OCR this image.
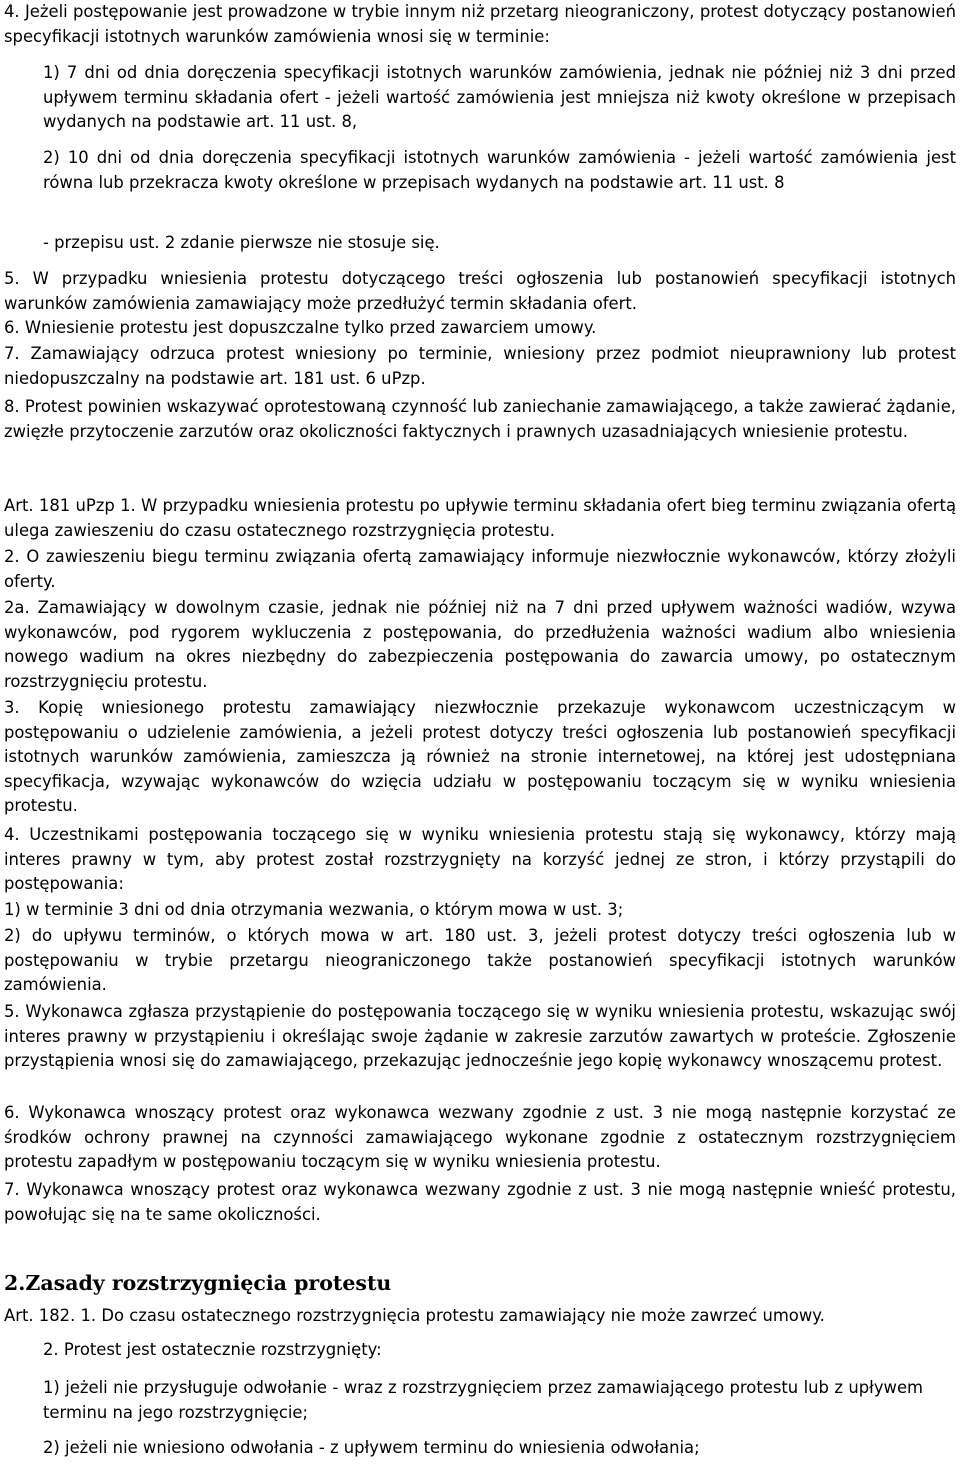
4. Jeżeli postępowanie jest prowadzone w trybie innym niż przetarg nieograniczony, protest dotyczący postanowień specyfikacji istotnych warunków zamówienia wnosi się w terminie:

1) 7 dni od dnia doręczenia specyfikacji istotnych warunków zamówienia, jednak nie później niż 3 dni przed upływem terminu składania ofert - jeżeli wartość zamówienia jest mniejsza niż kwoty określone w przepisach wydanych na podstawie art. 11 ust. 8,

2) 10 dni od dnia doręczenia specyfikacji istotnych warunków zamówienia - jeżeli wartość zamówienia jest równa lub przekracza kwoty określone w przepisach wydanych na podstawie art. 11 ust. 8

- przepisu ust. 2 zdanie pierwsze nie stosuje się.

5. W przypadku wniesienia protestu dotyczącego treści ogłoszenia lub postanowień specyfikacji istotnych warunków zamówienia zamawiający może przedłużyć termin składania ofert.

6. Wniesienie protestu jest dopuszczalne tylko przed zawarciem umowy.

7. Zamawiający odrzuca protest wniesiony po terminie, wniesiony przez podmiot nieuprawniony lub protest niedopuszczalny na podstawie art. 181 ust. 6 uPzp.

8. Protest powinien wskazywać oprotestowaną czynność lub zaniechanie zamawiającego, a także zawierać żądanie, zwięzłe przytoczenie zarzutów oraz okoliczności faktycznych i prawnych uzasadniających wniesienie protestu.

Art. 181 uPzp 1. W przypadku wniesienia protestu po upływie terminu składania ofert bieg terminu związania ofertą ulega zawieszeniu do czasu ostatecznego rozstrzygnięcia protestu.

2. O zawieszeniu biegu terminu związania ofertą zamawiający informuje niezwłocznie wykonawców, którzy złożyli oferty.

2a. Zamawiający w dowolnym czasie, jednak nie później niż na 7 dni przed upływem ważności wadiów, wzywa wykonawców, pod rygorem wykluczenia z postępowania, do przedłużenia ważności wadium albo wniesienia nowego wadium na okres niezbędny do zabezpieczenia postępowania do zawarcia umowy, po ostatecznym rozstrzygnięciu protestu.

3. Kopię wniesionego protestu zamawiający niezwłocznie przekazuje wykonawcom uczestniczącym w postępowaniu o udzielenie zamówienia, a jeżeli protest dotyczy treści ogłoszenia lub postanowień specyfikacji istotnych warunków zamówienia, zamieszcza ją również na stronie internetowej, na której jest udostępniana specyfikacja, wzywając wykonawców do wzięcia udziału w postępowaniu toczącym się w wyniku wniesienia protestu.

4. Uczestnikami postępowania toczącego się w wyniku wniesienia protestu stają się wykonawcy, którzy mają interes prawny w tym, aby protest został rozstrzygnięty na korzyść jednej ze stron, i którzy przystąpili do postępowania:

1) w terminie 3 dni od dnia otrzymania wezwania, o którym mowa w ust. 3;

2) do upływu terminów, o których mowa w art. 180 ust. 3, jeżeli protest dotyczy treści ogłoszenia lub w postępowaniu w trybie przetargu nieograniczonego także postanowień specyfikacji istotnych warunków zamówienia.

5. Wykonawca zgłasza przystąpienie do postępowania toczącego się w wyniku wniesienia protestu, wskazując swój interes prawny w przystąpieniu i określając swoje żądanie w zakresie zarzutów zawartych w proteście. Zgłoszenie przystąpienia wnosi się do zamawiającego, przekazując jednocześnie jego kopię wykonawcy wnoszącemu protest.

6. Wykonawca wnoszący protest oraz wykonawca wezwany zgodnie z ust. 3 nie mogą następnie korzystać ze środków ochrony prawnej na czynności zamawiającego wykonane zgodnie z ostatecznym rozstrzygnięciem protestu zapadłym w postępowaniu toczącym się w wyniku wniesienia protestu.

7. Wykonawca wnoszący protest oraz wykonawca wezwany zgodnie z ust. 3 nie mogą następnie wnieść protestu, powołując się na te same okoliczności.

2.Zasady rozstrzygnięcia protestu

Art. 182. 1. Do czasu ostatecznego rozstrzygnięcia protestu zamawiający nie może zawrzeć umowy.

2. Protest jest ostatecznie rozstrzygnięty:

1) jeżeli nie przysługuje odwołanie - wraz z rozstrzygnięciem przez zamawiającego protestu lub z upływem terminu na jego rozstrzygnięcie;

2) jeżeli nie wniesiono odwołania - z upływem terminu do wniesienia odwołania;
